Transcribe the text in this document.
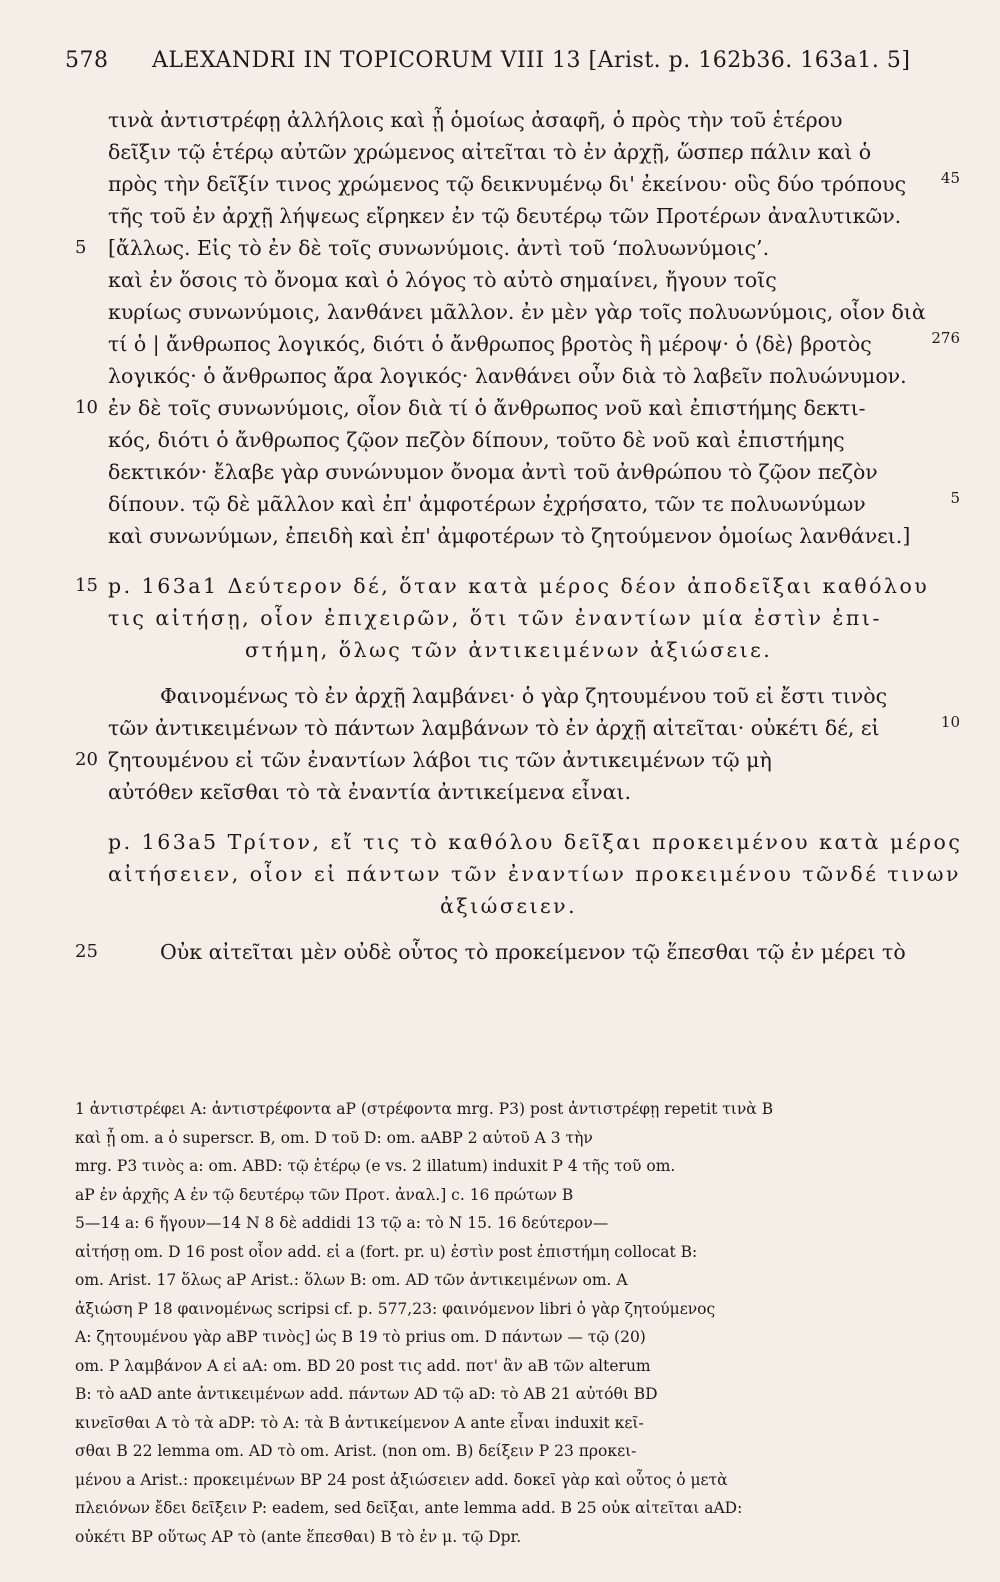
578 ALEXANDRI IN TOPICORUM VIII 13 [Arist. p. 162b36. 163a1. 5]
τινὰ ἀντιστρέφῃ ἀλλήλοις καὶ ᾖ ὁμοίως ἀσαφῆ, ὁ πρὸς τὴν τοῦ ἑτέρου
δεῖξιν τῷ ἑτέρῳ αὐτῶν χρώμενος αἰτεῖται τὸ ἐν ἀρχῇ, ὥσπερ πάλιν καὶ ὁ
πρὸς τὴν δεῖξίν τινος χρώμενος τῷ δεικνυμένῳ δι' ἐκείνου· οὓς δύο τρόπους 45
τῆς τοῦ ἐν ἀρχῇ λήψεως εἴρηκεν ἐν τῷ δευτέρῳ τῶν Προτέρων ἀναλυτικῶν.
5	[ἄλλως. Εἰς τὸ ἐν δὲ τοῖς συνωνύμοις. ἀντὶ τοῦ ‘πολυωνύμοις’.
καὶ ἐν ὅσοις τὸ ὄνομα καὶ ὁ λόγος τὸ αὐτὸ σημαίνει, ἤγουν τοῖς
κυρίως συνωνύμοις, λανθάνει μᾶλλον. ἐν μὲν γὰρ τοῖς πολυωνύμοις, οἷον διὰ
τί ὁ | ἄνθρωπος λογικός, διότι ὁ ἄνθρωπος βροτὸς ἢ μέροψ· ὁ ⟨δὲ⟩ βροτὸς	276
λογικός· ὁ ἄνθρωπος ἄρα λογικός· λανθάνει οὖν διὰ τὸ λαβεῖν πολυώνυμον.
10 ἐν δὲ τοῖς συνωνύμοις, οἷον διὰ τί ὁ ἄνθρωπος νοῦ καὶ ἐπιστήμης δεκτι-
κός, διότι ὁ ἄνθρωπος ζῷον πεζὸν δίπουν, τοῦτο δὲ νοῦ καὶ ἐπιστήμης
δεκτικόν· ἔλαβε γὰρ συνώνυμον ὄνομα ἀντὶ τοῦ ἀνθρώπου τὸ ζῷον πεζὸν
δίπουν. τῷ δὲ μᾶλλον καὶ ἐπ' ἀμφοτέρων ἐχρήσατο, τῶν τε πολυωνύμων	5
καὶ συνωνύμων, ἐπειδὴ καὶ ἐπ' ἀμφοτέρων τὸ ζητούμενον ὁμοίως λανθάνει.]
15 p. 163a1 Δεύτερον δέ, ὅταν κατὰ μέρος δέον ἀποδεῖξαι καθόλου
τις αἰτήσῃ, οἷον ἐπιχειρῶν, ὅτι τῶν ἐναντίων μία ἐστὶν ἐπι-
στήμη, ὅλως τῶν ἀντικειμένων ἀξιώσειε.
Φαινομένως τὸ ἐν ἀρχῇ λαμβάνει· ὁ γὰρ ζητουμένου τοῦ εἰ ἔστι τινὸς
τῶν ἀντικειμένων τὸ πάντων λαμβάνων τὸ ἐν ἀρχῇ αἰτεῖται· οὐκέτι δέ, εἰ	10
20 ζητουμένου εἰ τῶν ἐναντίων λάβοι τις τῶν ἀντικειμένων τῷ μὴ
αὐτόθεν κεῖσθαι τὸ τὰ ἐναντία ἀντικείμενα εἶναι.
p. 163a5 Τρίτον, εἴ τις τὸ καθόλου δεῖξαι προκειμένου κατὰ μέρος
αἰτήσειεν, οἷον εἰ πάντων τῶν ἐναντίων προκειμένου τῶνδέ τινων
ἀξιώσειεν.
25	Οὐκ αἰτεῖται μὲν οὐδὲ οὗτος τὸ προκείμενον τῷ ἕπεσθαι τῷ ἐν μέρει τὸ
1 ἀντιστρέφει A: ἀντιστρέφοντα aP (στρέφοντα mrg. P3) post ἀντιστρέφῃ repetit τινὰ B
καὶ ᾖ om. a ὁ superscr. B, om. D τοῦ D: om. aABP 2 αὐτοῦ A 3 τὴν
mrg. P3 τινὸς a: om. ABD: τῷ ἑτέρῳ (e vs. 2 illatum) induxit P 4 τῆς τοῦ om.
aP ἐν ἀρχῆς A ἐν τῷ δευτέρῳ τῶν Προτ. ἀναλ.] c. 16 πρώτων B
5—14 a: 6 ἤγουν—14 N 8 δὲ addidi 13 τῷ a: τὸ N 15. 16 δεύτερον—
αἰτήσῃ om. D 16 post οἷον add. εἰ a (fort. pr. u) ἐστὶν post ἐπιστήμη collocat B:
om. Arist. 17 ὅλως aP Arist.: ὅλων B: om. AD τῶν ἀντικειμένων om. A
ἀξιώση P 18 φαινομένως scripsi cf. p. 577,23: φαινόμενον libri ὁ γὰρ ζητούμενος
A: ζητουμένου γὰρ aBP τινὸς] ὡς B 19 τὸ prius om. D πάντων — τῷ (20)
om. P λαμβάνον A εἰ aA: om. BD 20 post τις add. ποτ' ἂν aB τῶν alterum
B: τὸ aAD ante ἀντικειμένων add. πάντων AD τῷ aD: τὸ AB 21 αὐτόθι BD
κινεῖσθαι A τὸ τὰ aDP: τὸ A: τὰ B ἀντικείμενον A ante εἶναι induxit κεῖ-
σθαι B 22 lemma om. AD τὸ om. Arist. (non om. B) δείξειν P 23 προκει-
μένου a Arist.: προκειμένων BP 24 post ἀξιώσειεν add. δοκεῖ γὰρ καὶ οὗτος ὁ μετὰ
πλειόνων ἔδει δεῖξειν P: eadem, sed δεῖξαι, ante lemma add. B 25 οὐκ αἰτεῖται aAD:
οὐκέτι BP οὕτως AP τὸ (ante ἕπεσθαι) B τὸ ἐν μ. τῷ Dpr.
